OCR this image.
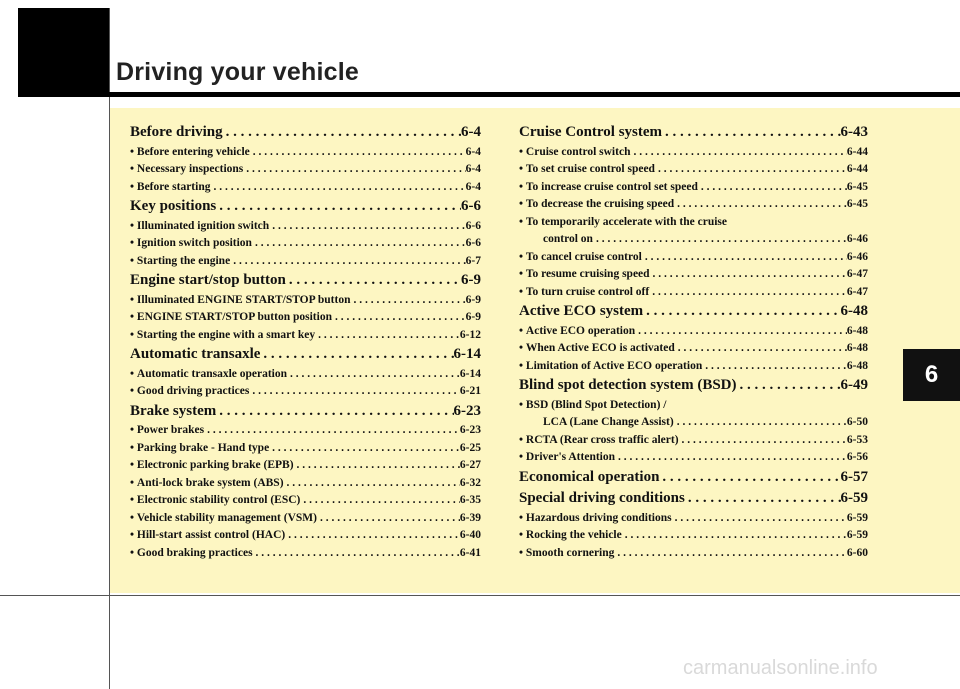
Driving your vehicle
6
Before driving . . .	6-4
• Before entering vehicle . . .	6-4
• Necessary inspections . . .	6-4
• Before starting . . .	6-4
Key positions . . .	6-6
• Illuminated ignition switch . . .	6-6
• Ignition switch position . . .	6-6
• Starting the engine . . .	6-7
Engine start/stop button . . .	6-9
• Illuminated ENGINE START/STOP button . . .	6-9
• ENGINE START/STOP button position . . .	6-9
• Starting the engine with a smart key . . .	6-12
Automatic transaxle . . .	6-14
• Automatic transaxle operation . . .	6-14
• Good driving practices . . .	6-21
Brake system . . .	6-23
• Power brakes . . .	6-23
• Parking brake - Hand type . . .	6-25
• Electronic parking brake (EPB) . . .	6-27
• Anti-lock brake system (ABS) . . .	6-32
• Electronic stability control (ESC) . . .	6-35
• Vehicle stability management (VSM) . . .	6-39
• Hill-start assist control (HAC) . . .	6-40
• Good braking practices . . .	6-41
Cruise Control system . . .	6-43
• Cruise control switch . . .	6-44
• To set cruise control speed . . .	6-44
• To increase cruise control set speed . . .	6-45
• To decrease the cruising speed . . .	6-45
• To temporarily accelerate with the cruise
control on . . .	6-46
• To cancel cruise control . . .	6-46
• To resume cruising speed . . .	6-47
• To turn cruise control off . . .	6-47
Active ECO system . . .	6-48
• Active ECO operation . . .	6-48
• When Active ECO is activated . . .	6-48
• Limitation of Active ECO operation . . .	6-48
Blind spot detection system (BSD) . . .	6-49
• BSD (Blind Spot Detection) /
LCA (Lane Change Assist) . . .	6-50
• RCTA (Rear cross traffic alert) . . .	6-53
• Driver's Attention . . .	6-56
Economical operation . . .	6-57
Special driving conditions . . .	6-59
• Hazardous driving conditions . . .	6-59
• Rocking the vehicle . . .	6-59
• Smooth cornering . . .	6-60
carmanualsonline.info
